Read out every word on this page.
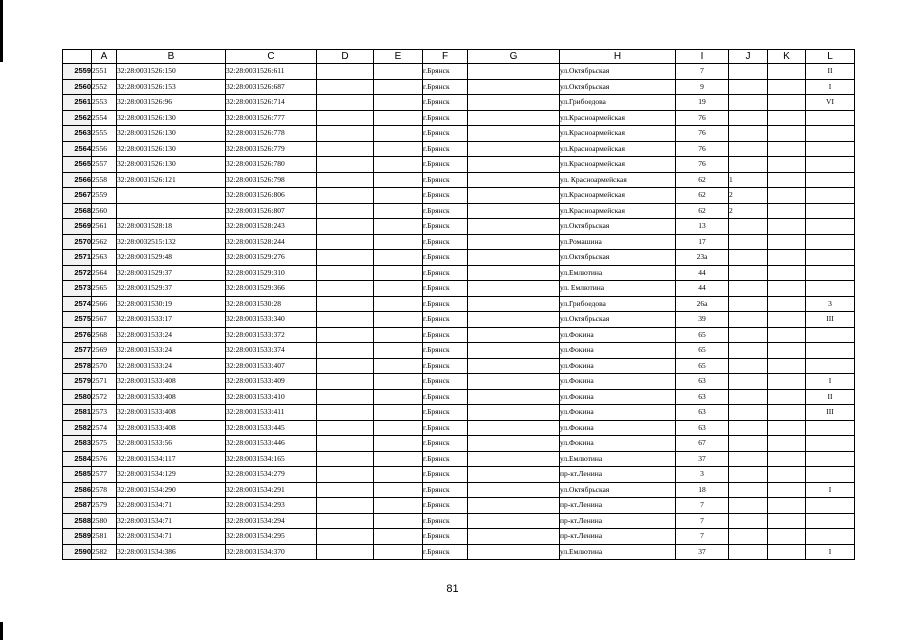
	A	B	C	D	E	F	G	H	I	J	K	L
2559	2551	32:28:0031526:150	32:28:0031526:611			г.Брянск		ул.Октябрьская	7			II
2560	2552	32:28:0031526:153	32:28:0031526:687			г.Брянск		ул.Октябрьская	9			I
2561	2553	32:28:0031526:96	32:28:0031526:714			г.Брянск		ул.Грибоедова	19			VI
2562	2554	32:28:0031526:130	32:28:0031526:777			г.Брянск		ул.Красноармейская	76			
2563	2555	32:28:0031526:130	32:28:0031526:778			г.Брянск		ул.Красноармейская	76			
2564	2556	32:28:0031526:130	32:28:0031526:779			г.Брянск		ул.Красноармейская	76			
2565	2557	32:28:0031526:130	32:28:0031526:780			г.Брянск		ул.Красноармейская	76			
2566	2558	32:28:0031526:121	32:28:0031526:798			г.Брянск		ул. Красноармейская	62	1		
2567	2559		32:28:0031526:806			г.Брянск		ул.Красноармейская	62	2		
2568	2560		32:28:0031526:807			г.Брянск		ул.Красноармейская	62	2		
2569	2561	32:28:0031528:18	32:28:0031528:243			г.Брянск		ул.Октябрьская	13			
2570	2562	32:28:0032515:132	32:28:0031528:244			г.Брянск		ул.Ромашина	17			
2571	2563	32:28:0031529:48	32:28:0031529:276			г.Брянск		ул.Октябрьская	23а			
2572	2564	32:28:0031529:37	32:28:0031529:310			г.Брянск		ул.Емлютина	44			
2573	2565	32:28:0031529:37	32:28:0031529:366			г.Брянск		ул. Емлютина	44			
2574	2566	32:28:0031530:19	32:28:0031530:28			г.Брянск		ул.Грибоедова	26а			3
2575	2567	32:28:0031533:17	32:28:0031533:340			г.Брянск		ул.Октябрьская	39			III
2576	2568	32:28:0031533:24	32:28:0031533:372			г.Брянск		ул.Фокина	65			
2577	2569	32:28:0031533:24	32:28:0031533:374			г.Брянск		ул.Фокина	65			
2578	2570	32:28:0031533:24	32:28:0031533:407			г.Брянск		ул.Фокина	65			
2579	2571	32:28:0031533:408	32:28:0031533:409			г.Брянск		ул.Фокина	63			I
2580	2572	32:28:0031533:408	32:28:0031533:410			г.Брянск		ул.Фокина	63			II
2581	2573	32:28:0031533:408	32:28:0031533:411			г.Брянск		ул.Фокина	63			III
2582	2574	32:28:0031533:408	32:28:0031533:445			г.Брянск		ул.Фокина	63			
2583	2575	32:28:0031533:56	32:28:0031533:446			г.Брянск		ул.Фокина	67			
2584	2576	32:28:0031534:117	32:28:0031534:165			г.Брянск		ул.Емлютина	37			
2585	2577	32:28:0031534:129	32:28:0031534:279			г.Брянск		пр-кт.Ленина	3			
2586	2578	32:28:0031534:290	32:28:0031534:291			г.Брянск		ул.Октябрьская	18			I
2587	2579	32:28:0031534:71	32:28:0031534:293			г.Брянск		пр-кт.Ленина	7			
2588	2580	32:28:0031534:71	32:28:0031534:294			г.Брянск		пр-кт.Ленина	7			
2589	2581	32:28:0031534:71	32:28:0031534:295			г.Брянск		пр-кт.Ленина	7			
2590	2582	32:28:0031534:386	32:28:0031534:370			г.Брянск		ул.Емлютина	37			I
81
